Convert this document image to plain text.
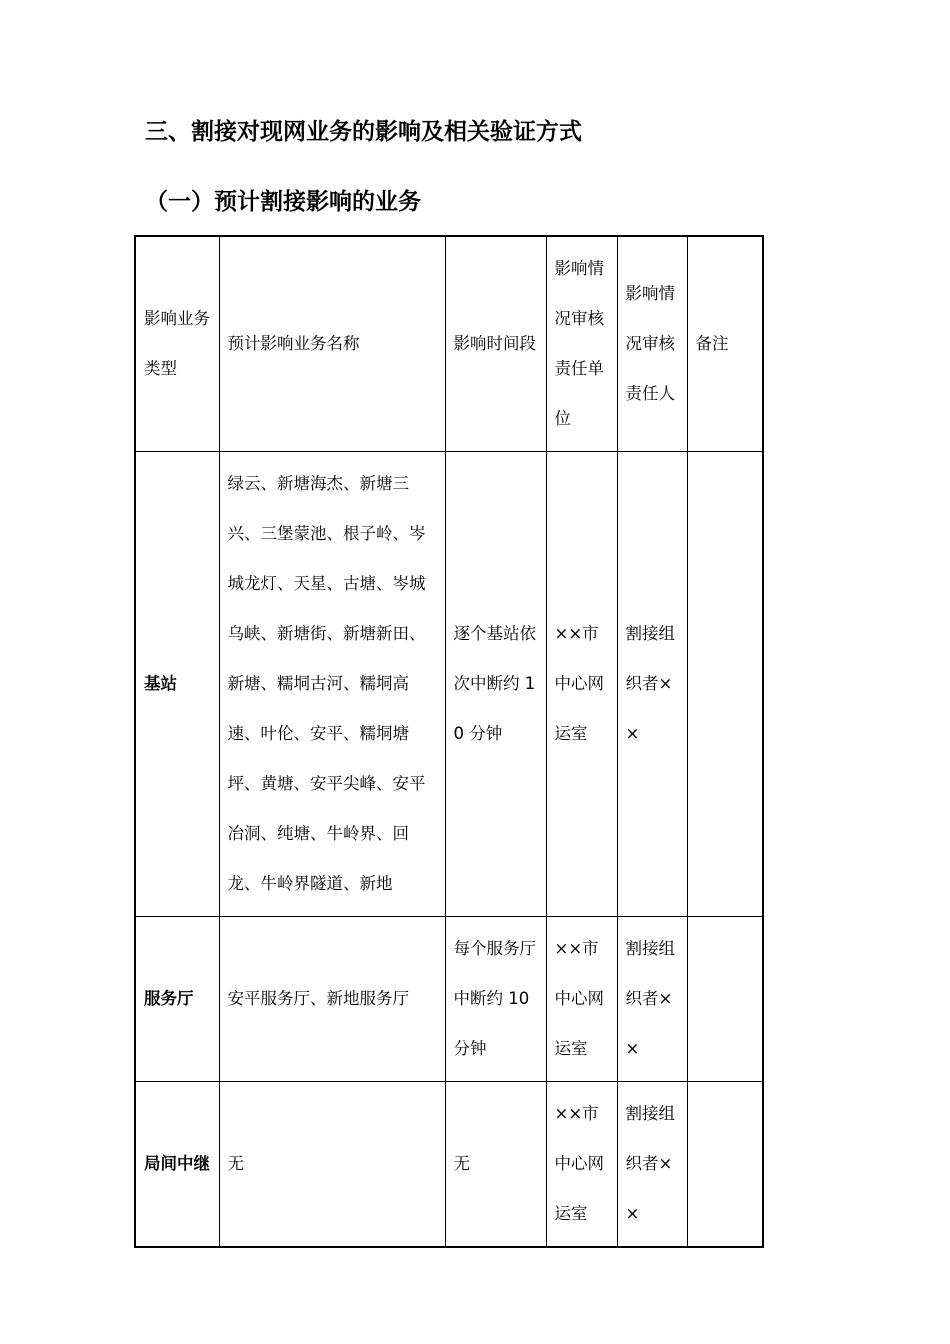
三、割接对现网业务的影响及相关验证方式
（一）预计割接影响的业务
影响业务类型	预计影响业务名称	影响时间段	影响情况审核责任单位	影响情况审核责任人	备注
基站	绿云、新塘海杰、新塘三兴、三堡蒙池、根子岭、岑城龙灯、天星、古塘、岑城乌峡、新塘街、新塘新田、新塘、糯垌古河、糯垌高速、叶伦、安平、糯垌塘坪、黄塘、安平尖峰、安平冶洞、纯塘、牛岭界、回龙、牛岭界隧道、新地	逐个基站依次中断约 10 分钟	××市中心网运室	割接组织者××	
服务厅	安平服务厅、新地服务厅	每个服务厅中断约 10 分钟	××市中心网运室	割接组织者××	
局间中继	无	无	××市中心网运室	割接组织者××	
